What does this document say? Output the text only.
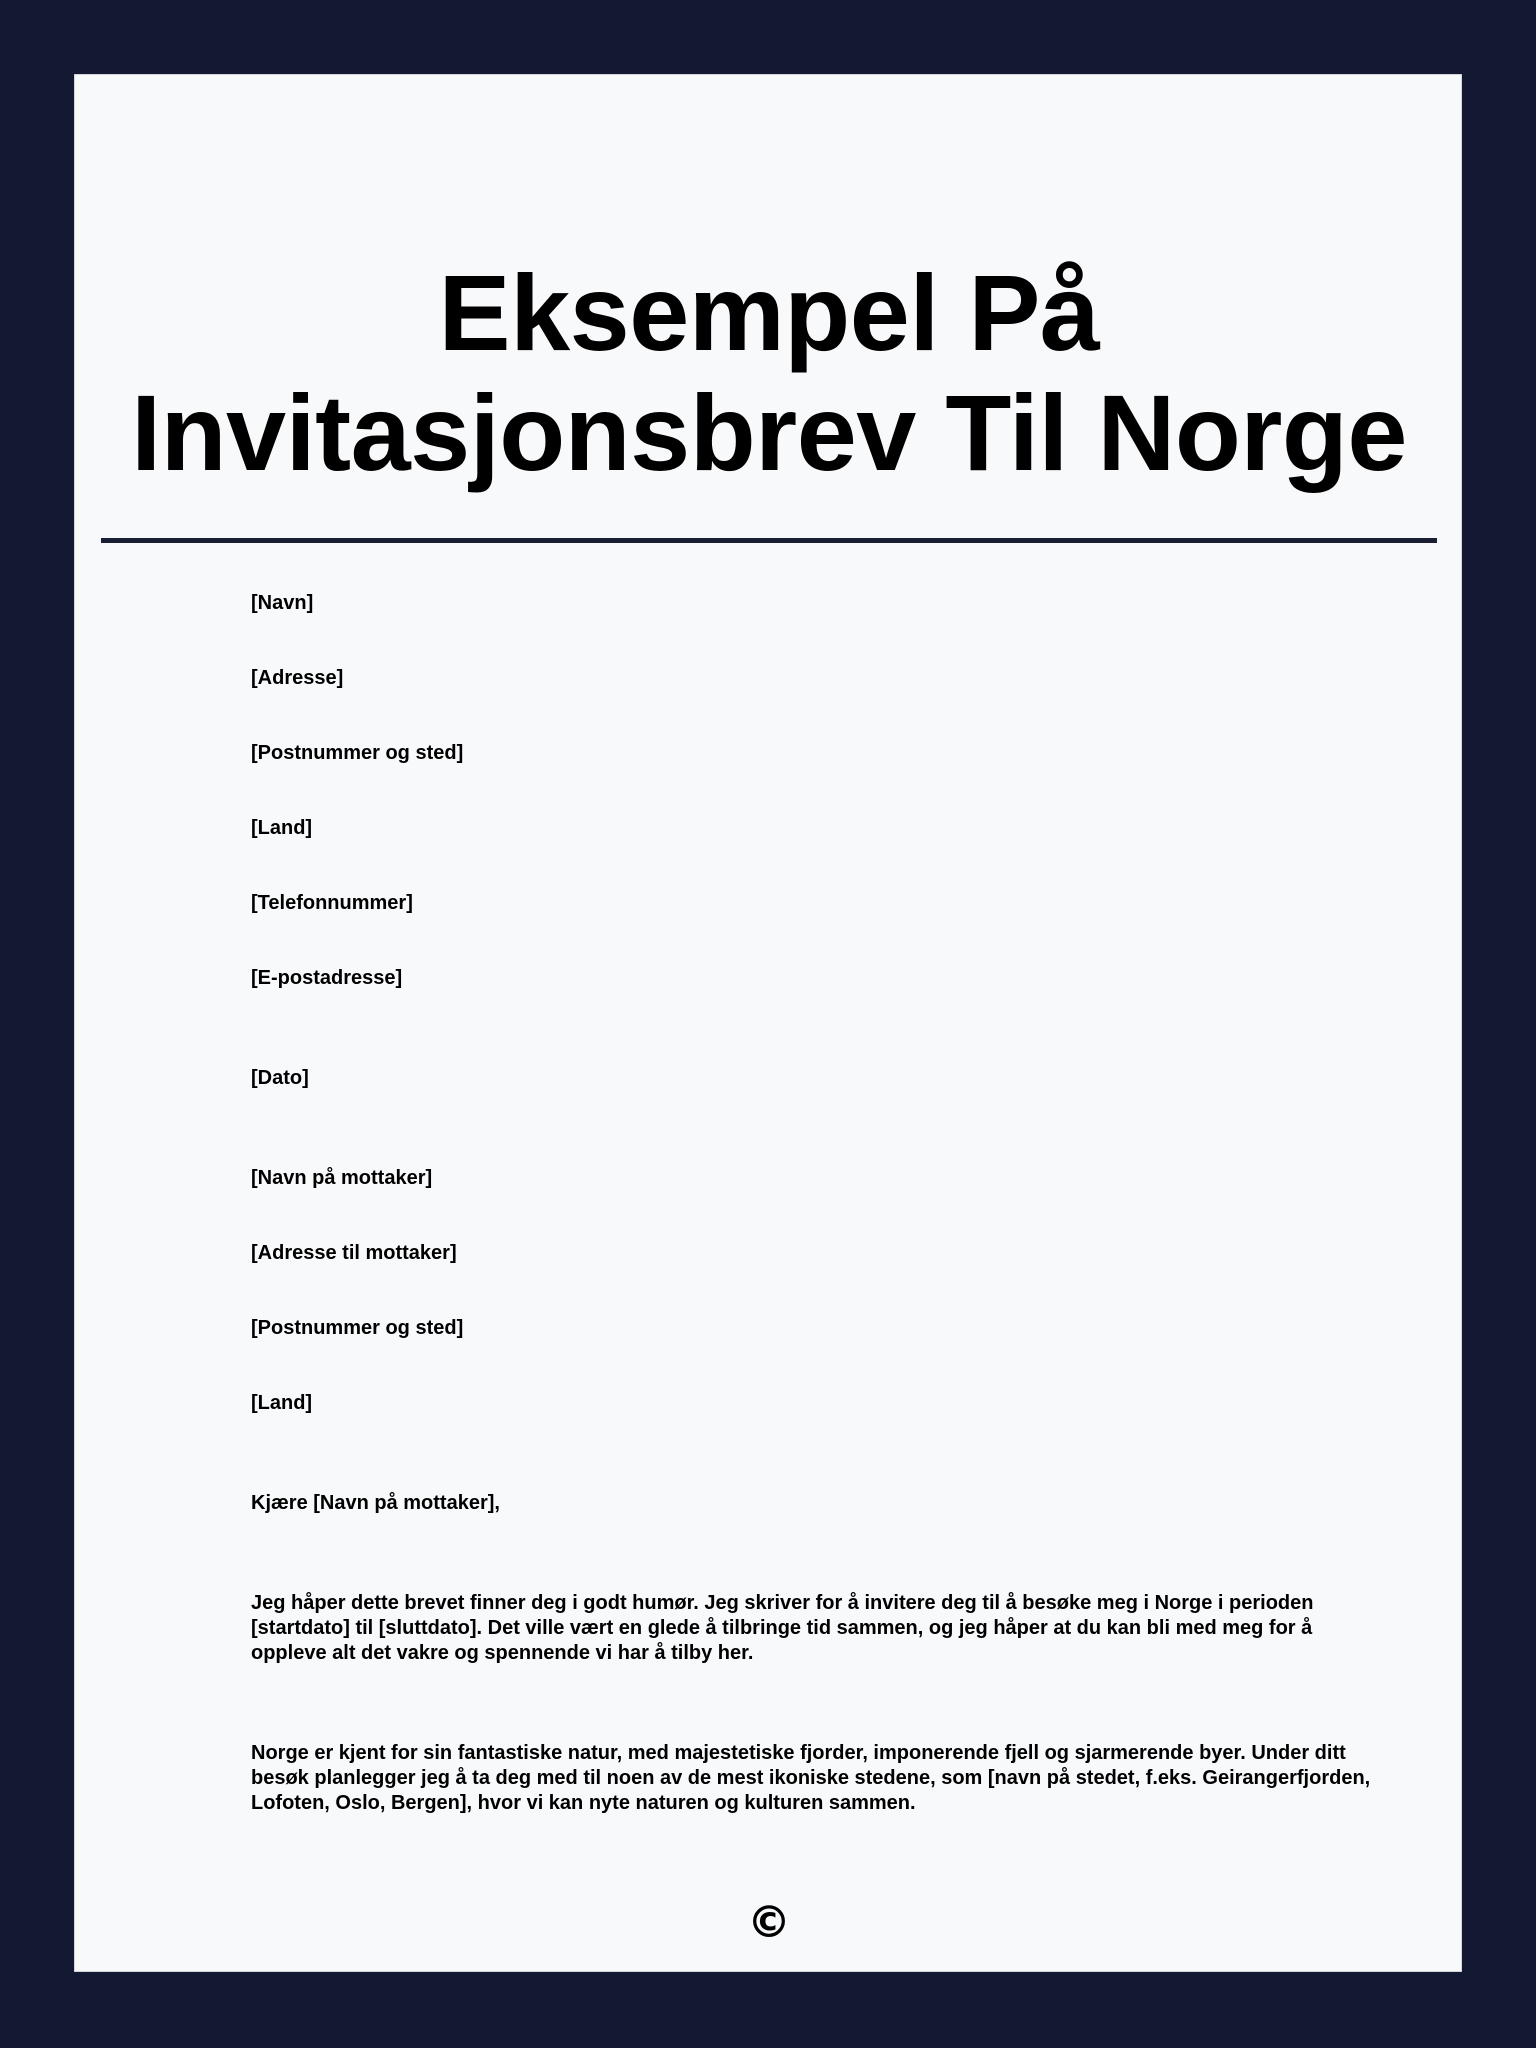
Eksempel På Invitasjonsbrev Til Norge

[Navn]

[Adresse]

[Postnummer og sted]

[Land]

[Telefonnummer]

[E-postadresse]

[Dato]

[Navn på mottaker]

[Adresse til mottaker]

[Postnummer og sted]

[Land]

Kjære [Navn på mottaker],

Jeg håper dette brevet finner deg i godt humør. Jeg skriver for å invitere deg til å besøke meg i Norge i perioden [startdato] til [sluttdato]. Det ville vært en glede å tilbringe tid sammen, og jeg håper at du kan bli med meg for å oppleve alt det vakre og spennende vi har å tilby her.

Norge er kjent for sin fantastiske natur, med majestetiske fjorder, imponerende fjell og sjarmerende byer. Under ditt besøk planlegger jeg å ta deg med til noen av de mest ikoniske stedene, som [navn på stedet, f.eks. Geirangerfjorden, Lofoten, Oslo, Bergen], hvor vi kan nyte naturen og kulturen sammen.

©
